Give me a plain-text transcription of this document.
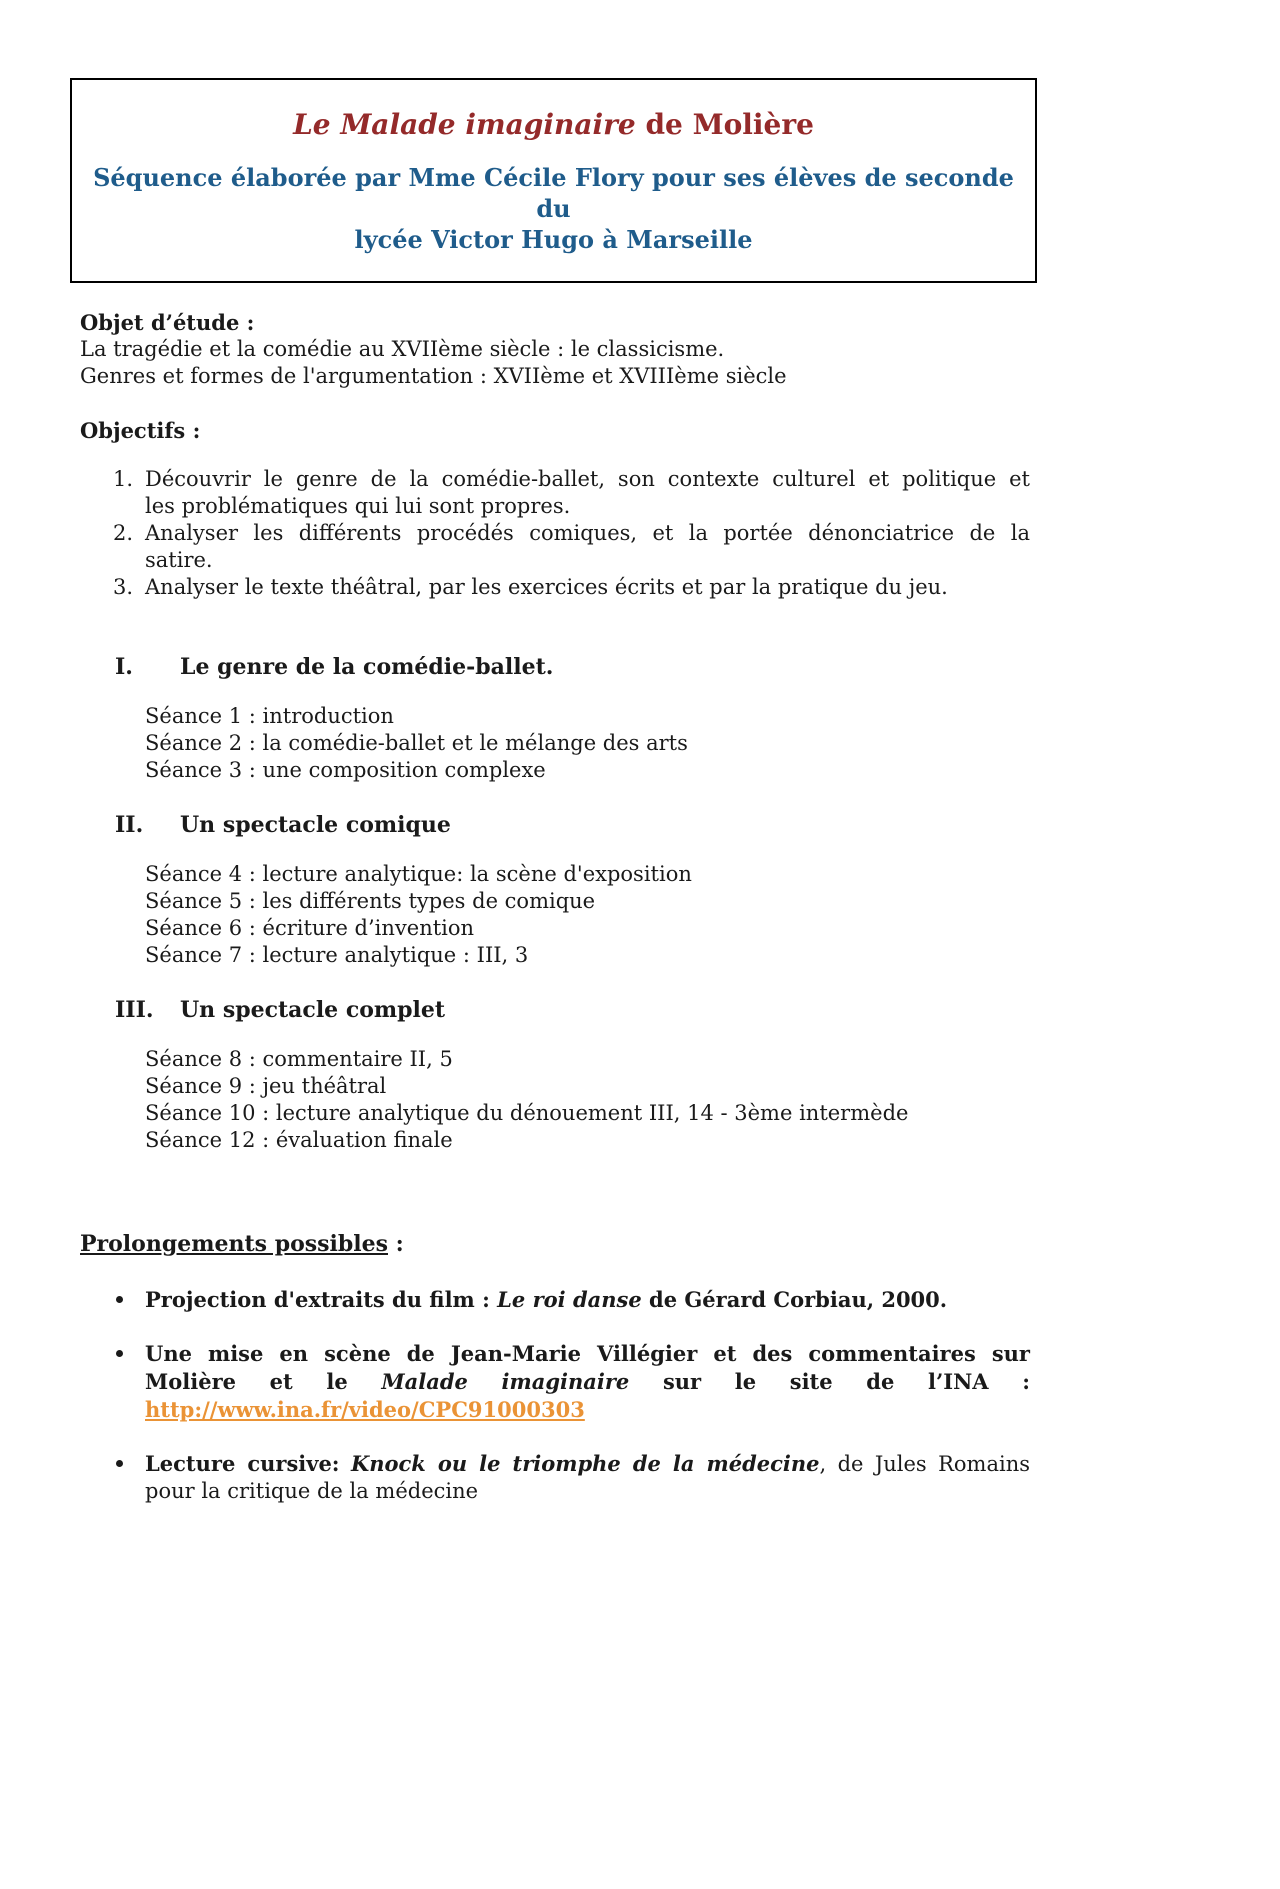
Le Malade imaginaire de Molière
Séquence élaborée par Mme Cécile Flory pour ses élèves de seconde du
lycée Victor Hugo à Marseille
Objet d’étude :
La tragédie et la comédie au XVIIème siècle : le classicisme.
Genres et formes de l'argumentation : XVIIème et XVIIIème siècle
Objectifs :
1. Découvrir le genre de la comédie-ballet, son contexte culturel et politique et
les problématiques qui lui sont propres.
2. Analyser les différents procédés comiques, et la portée dénonciatrice de la
satire.
3. Analyser le texte théâtral, par les exercices écrits et par la pratique du jeu.
I. Le genre de la comédie-ballet.
Séance 1 : introduction
Séance 2 : la comédie-ballet et le mélange des arts
Séance 3 : une composition complexe
II. Un spectacle comique
Séance 4 : lecture analytique: la scène d'exposition
Séance 5 : les différents types de comique
Séance 6 : écriture d’invention
Séance 7 : lecture analytique : III, 3
III. Un spectacle complet
Séance 8 : commentaire II, 5
Séance 9 : jeu théâtral
Séance 10 : lecture analytique du dénouement III, 14 - 3ème intermède
Séance 12 : évaluation finale
Prolongements possibles :
Projection d'extraits du film : Le roi danse de Gérard Corbiau, 2000.
Une mise en scène de Jean-Marie Villégier et des commentaires sur
Molière et le Malade imaginaire sur le site de l’INA :
http://www.ina.fr/video/CPC91000303
Lecture cursive: Knock ou le triomphe de la médecine, de Jules Romains
pour la critique de la médecine
